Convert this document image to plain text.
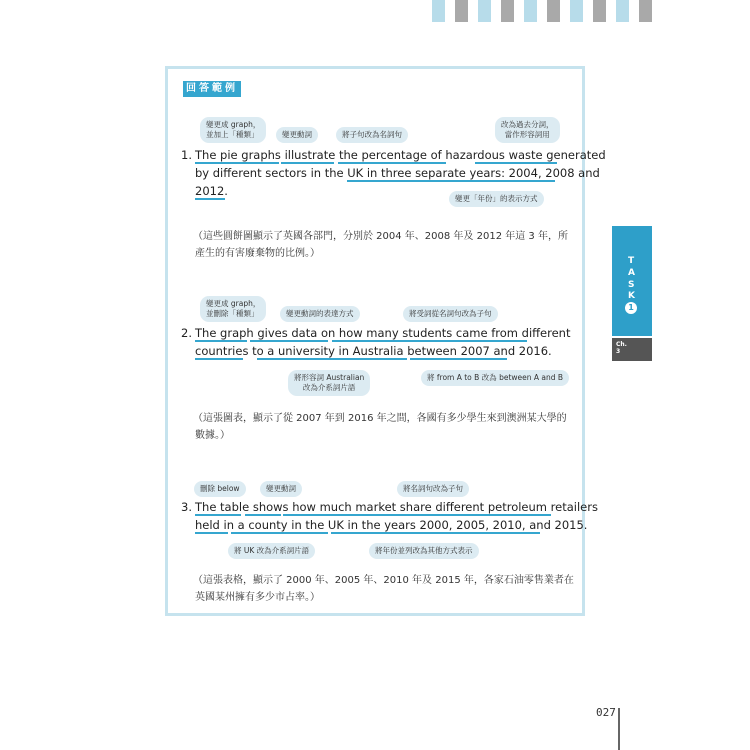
回答範例
變更成 graph，
並加上「種類」	變更動詞	將子句改為名詞句
改為過去分詞，
當作形容詞用
1. The pie graphs illustrate the percentage of hazardous waste generated
by different sectors in the UK in three separate years: 2004, 2008 and
2012.
變更「年份」的表示方式
（這些圓餅圖顯示了英國各部門，分別於 2004 年、2008 年及 2012 年這 3 年，所
產生的有害廢棄物的比例。）
變更成 graph，
並刪除「種類」	變更動詞的表達方式	將受詞從名詞句改為子句
2. The graph gives data on how many students came from different
countries to a university in Australia between 2007 and 2016.
將形容詞 Australian
改為介系詞片語
將 from A to B 改為 between A and B
（這張圖表，顯示了從 2007 年到 2016 年之間，各國有多少學生來到澳洲某大學的
數據。）
刪除 below	變更動詞	將名詞句改為子句
3. The table shows how much market share different petroleum retailers
held in a county in the UK in the years 2000, 2005, 2010, and 2015.
將 UK 改為介系詞片語	將年份並列改為其他方式表示
（這張表格，顯示了 2000 年、2005 年、2010 年及 2015 年，各家石油零售業者在
英國某州擁有多少市占率。）
T
A
S
K
1
Ch.
3
027
